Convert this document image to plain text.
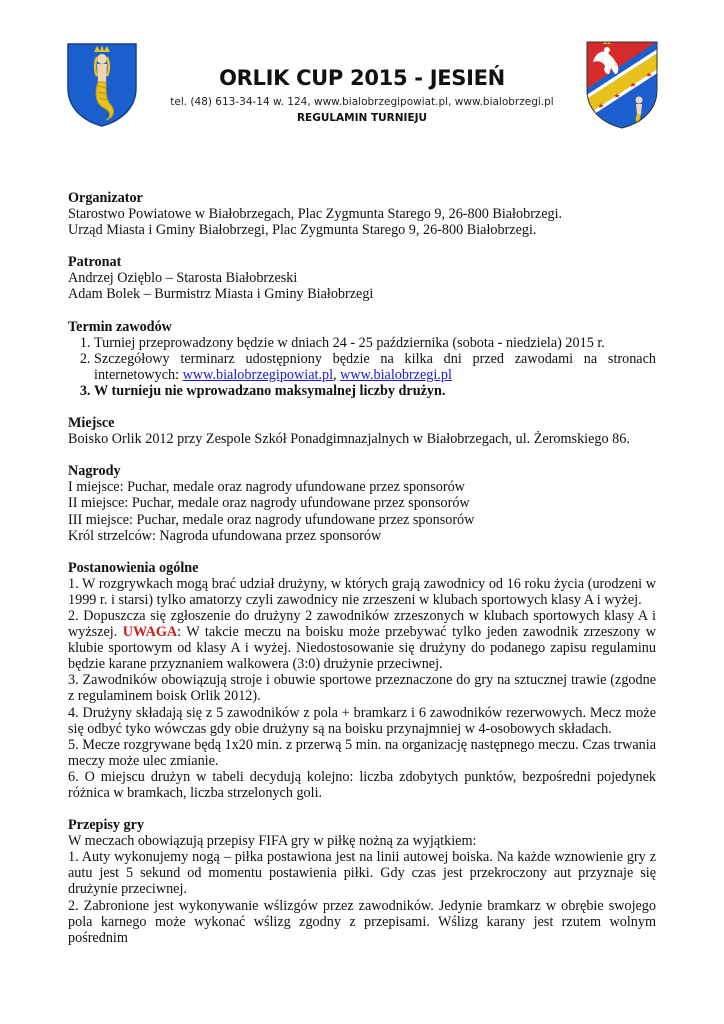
ORLIK CUP 2015 - JESIEŃ
tel. (48) 613-34-14 w. 124, www.bialobrzegipowiat.pl, www.bialobrzegi.pl
REGULAMIN TURNIEJU

Organizator

Starostwo Powiatowe w Białobrzegach, Plac Zygmunta Starego 9, 26-800 Białobrzegi.

Urząd Miasta i Gminy Białobrzegi, Plac Zygmunta Starego 9, 26-800 Białobrzegi.

Patronat

Andrzej Ozięblo – Starosta Białobrzeski

Adam Bolek – Burmistrz Miasta i Gminy Białobrzegi

Termin zawodów

1. Turniej przeprowadzony będzie w dniach 24 - 25 października (sobota - niedziela) 2015 r.
2. Szczegółowy terminarz udostępniony będzie na kilka dni przed zawodami na stronach internetowych: www.bialobrzegipowiat.pl, www.bialobrzegi.pl
3. W turnieju nie wprowadzano maksymalnej liczby drużyn.

Miejsce

Boisko Orlik 2012 przy Zespole Szkół Ponadgimnazjalnych w Białobrzegach, ul. Żeromskiego 86.

Nagrody

I miejsce: Puchar, medale oraz nagrody ufundowane przez sponsorów

II miejsce: Puchar, medale oraz nagrody ufundowane przez sponsorów

III miejsce: Puchar, medale oraz nagrody ufundowane przez sponsorów

Król strzelców: Nagroda ufundowana przez sponsorów

Postanowienia ogólne

1. W rozgrywkach mogą brać udział drużyny, w których grają zawodnicy od 16 roku życia (urodzeni w 1999 r. i starsi) tylko amatorzy czyli zawodnicy nie zrzeszeni w klubach sportowych klasy A i wyżej.

2. Dopuszcza się zgłoszenie do drużyny 2 zawodników zrzeszonych w klubach sportowych klasy A i wyższej. UWAGA: W takcie meczu na boisku może przebywać tylko jeden zawodnik zrzeszony w klubie sportowym od klasy A i wyżej. Niedostosowanie się drużyny do podanego zapisu regulaminu będzie karane przyznaniem walkowera (3:0) drużynie przeciwnej.

3. Zawodników obowiązują stroje i obuwie sportowe przeznaczone do gry na sztucznej trawie (zgodne z regulaminem boisk Orlik 2012).

4. Drużyny składają się z 5 zawodników z pola + bramkarz i 6 zawodników rezerwowych. Mecz może się odbyć tyko wówczas gdy obie drużyny są na boisku przynajmniej w 4-osobowych składach.

5. Mecze rozgrywane będą 1x20 min. z przerwą 5 min. na organizację następnego meczu. Czas trwania meczy może ulec zmianie.

6. O miejscu drużyn w tabeli decydują kolejno: liczba zdobytych punktów, bezpośredni pojedynek różnica w bramkach, liczba strzelonych goli.

Przepisy gry

W meczach obowiązują przepisy FIFA gry w piłkę nożną za wyjątkiem:

1. Auty wykonujemy nogą – piłka postawiona jest na linii autowej boiska. Na każde wznowienie gry z autu jest 5 sekund od momentu postawienia piłki. Gdy czas jest przekroczony aut przyznaje się drużynie przeciwnej.

2. Zabronione jest wykonywanie wślizgów przez zawodników. Jedynie bramkarz w obrębie swojego pola karnego może wykonać wślizg zgodny z przepisami. Wślizg karany jest rzutem wolnym pośrednim
